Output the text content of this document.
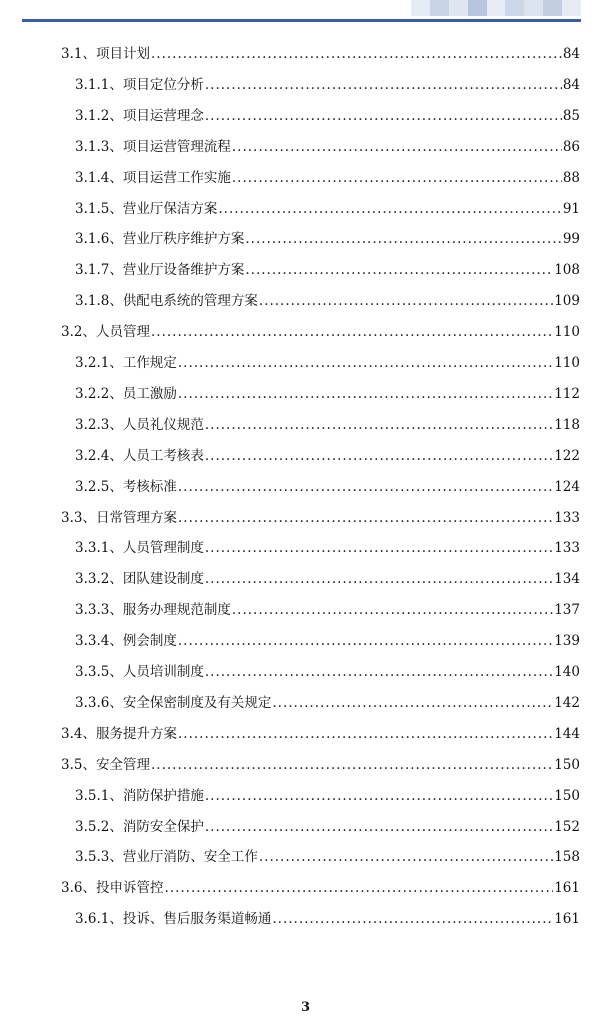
3.1、项目计划 .....	84
3.1.1、项目定位分析 .....	84
3.1.2、项目运营理念 .....	85
3.1.3、项目运营管理流程 .....	86
3.1.4、项目运营工作实施 .....	88
3.1.5、营业厅保洁方案 .....	91
3.1.6、营业厅秩序维护方案 .....	99
3.1.7、营业厅设备维护方案 .....	108
3.1.8、供配电系统的管理方案 .....	109
3.2、人员管理 .....	110
3.2.1、工作规定 .....	110
3.2.2、员工激励 .....	112
3.2.3、人员礼仪规范 .....	118
3.2.4、人员工考核表 .....	122
3.2.5、考核标准 .....	124
3.3、日常管理方案 .....	133
3.3.1、人员管理制度 .....	133
3.3.2、团队建设制度 .....	134
3.3.3、服务办理规范制度 .....	137
3.3.4、例会制度 .....	139
3.3.5、人员培训制度 .....	140
3.3.6、安全保密制度及有关规定 .....	142
3.4、服务提升方案 .....	144
3.5、安全管理 .....	150
3.5.1、消防保护措施 .....	150
3.5.2、消防安全保护 .....	152
3.5.3、营业厅消防、安全工作 .....	158
3.6、投申诉管控 .....	161
3.6.1、投诉、售后服务渠道畅通 .....	161
3
